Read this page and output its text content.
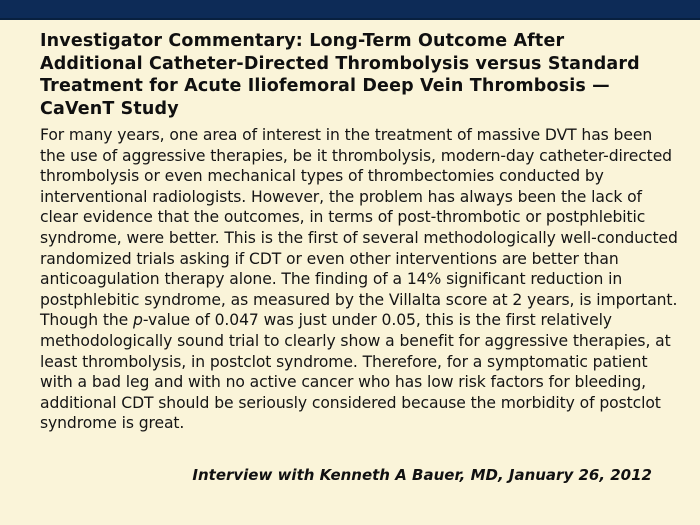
Investigator Commentary: Long-Term Outcome After Additional Catheter-Directed Thrombolysis versus Standard Treatment for Acute Iliofemoral Deep Vein Thrombosis — CaVenT Study

For many years, one area of interest in the treatment of massive DVT has been the use of aggressive therapies, be it thrombolysis, modern-day catheter-directed thrombolysis or even mechanical types of thrombectomies conducted by interventional radiologists. However, the problem has always been the lack of clear evidence that the outcomes, in terms of post-thrombotic or postphlebitic syndrome, were better. This is the first of several methodologically well-conducted randomized trials asking if CDT or even other interventions are better than anticoagulation therapy alone. The finding of a 14% significant reduction in postphlebitic syndrome, as measured by the Villalta score at 2 years, is important. Though the p-value of 0.047 was just under 0.05, this is the first relatively methodologically sound trial to clearly show a benefit for aggressive therapies, at least thrombolysis, in postclot syndrome. Therefore, for a symptomatic patient with a bad leg and with no active cancer who has low risk factors for bleeding, additional CDT should be seriously considered because the morbidity of postclot syndrome is great.

Interview with Kenneth A Bauer, MD, January 26, 2012
